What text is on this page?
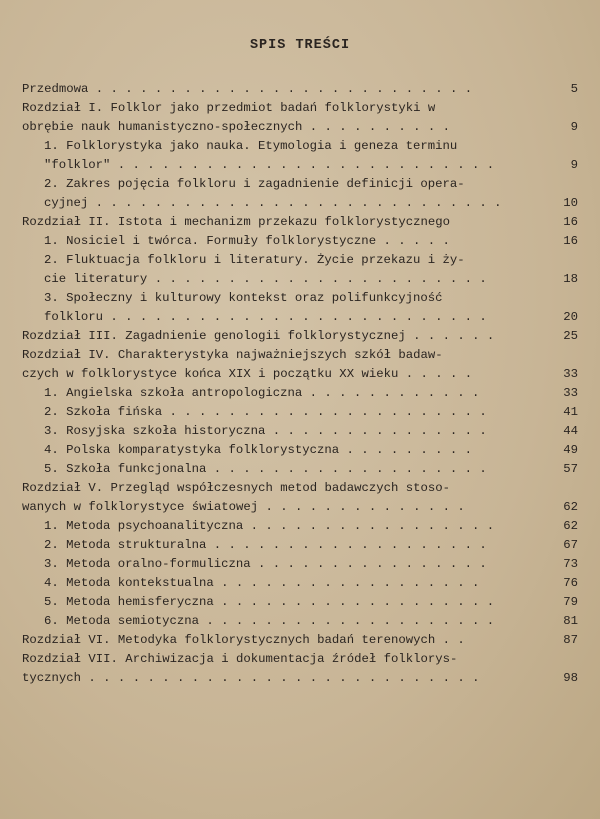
SPIS TREŚCI
Przedmowa . . . . . . . . . . . . . . . . . . . . . . . . . .	5
Rozdział I. Folklor jako przedmiot badań folklorystyki w
obrębie nauk humanistyczno-społecznych . . . . . . . . . .	9
1. Folklorystyka jako nauka. Etymologia i geneza terminu
"folklor" . . . . . . . . . . . . . . . . . . . . . . . . . .	9
2. Zakres pojęcia folkloru i zagadnienie definicji opera-
cyjnej . . . . . . . . . . . . . . . . . . . . . . . . . . . .	10
Rozdział II. Istota i mechanizm przekazu folklorystycznego	16
1. Nosiciel i twórca. Formuły folklorystyczne . . . . .	16
2. Fluktuacja folkloru i literatury. Życie przekazu i ży-
cie literatury . . . . . . . . . . . . . . . . . . . . . . .	18
3. Społeczny i kulturowy kontekst oraz polifunkcyjność
folkloru . . . . . . . . . . . . . . . . . . . . . . . . . .	20
Rozdział III. Zagadnienie genologii folklorystycznej . . . . . .	25
Rozdział IV. Charakterystyka najważniejszych szkół badaw-
czych w folklorystyce końca XIX i początku XX wieku . . . . .	33
1. Angielska szkoła antropologiczna . . . . . . . . . . . .	33
2. Szkoła fińska . . . . . . . . . . . . . . . . . . . . . .	41
3. Rosyjska szkoła historyczna . . . . . . . . . . . . . . .	44
4. Polska komparatystyka folklorystyczna . . . . . . . . .	49
5. Szkoła funkcjonalna . . . . . . . . . . . . . . . . . . .	57
Rozdział V. Przegląd współczesnych metod badawczych stoso-
wanych w folklorystyce światowej . . . . . . . . . . . . . .	62
1. Metoda psychoanalityczna . . . . . . . . . . . . . . . . .	62
2. Metoda strukturalna . . . . . . . . . . . . . . . . . . .	67
3. Metoda oralno-formuliczna . . . . . . . . . . . . . . . .	73
4. Metoda kontekstualna . . . . . . . . . . . . . . . . . .	76
5. Metoda hemisferyczna . . . . . . . . . . . . . . . . . . .	79
6. Metoda semiotyczna . . . . . . . . . . . . . . . . . . . .	81
Rozdział VI. Metodyka folklorystycznych badań terenowych . .	87
Rozdział VII. Archiwizacja i dokumentacja źródeł folklorys-
tycznych . . . . . . . . . . . . . . . . . . . . . . . . . . .	98
